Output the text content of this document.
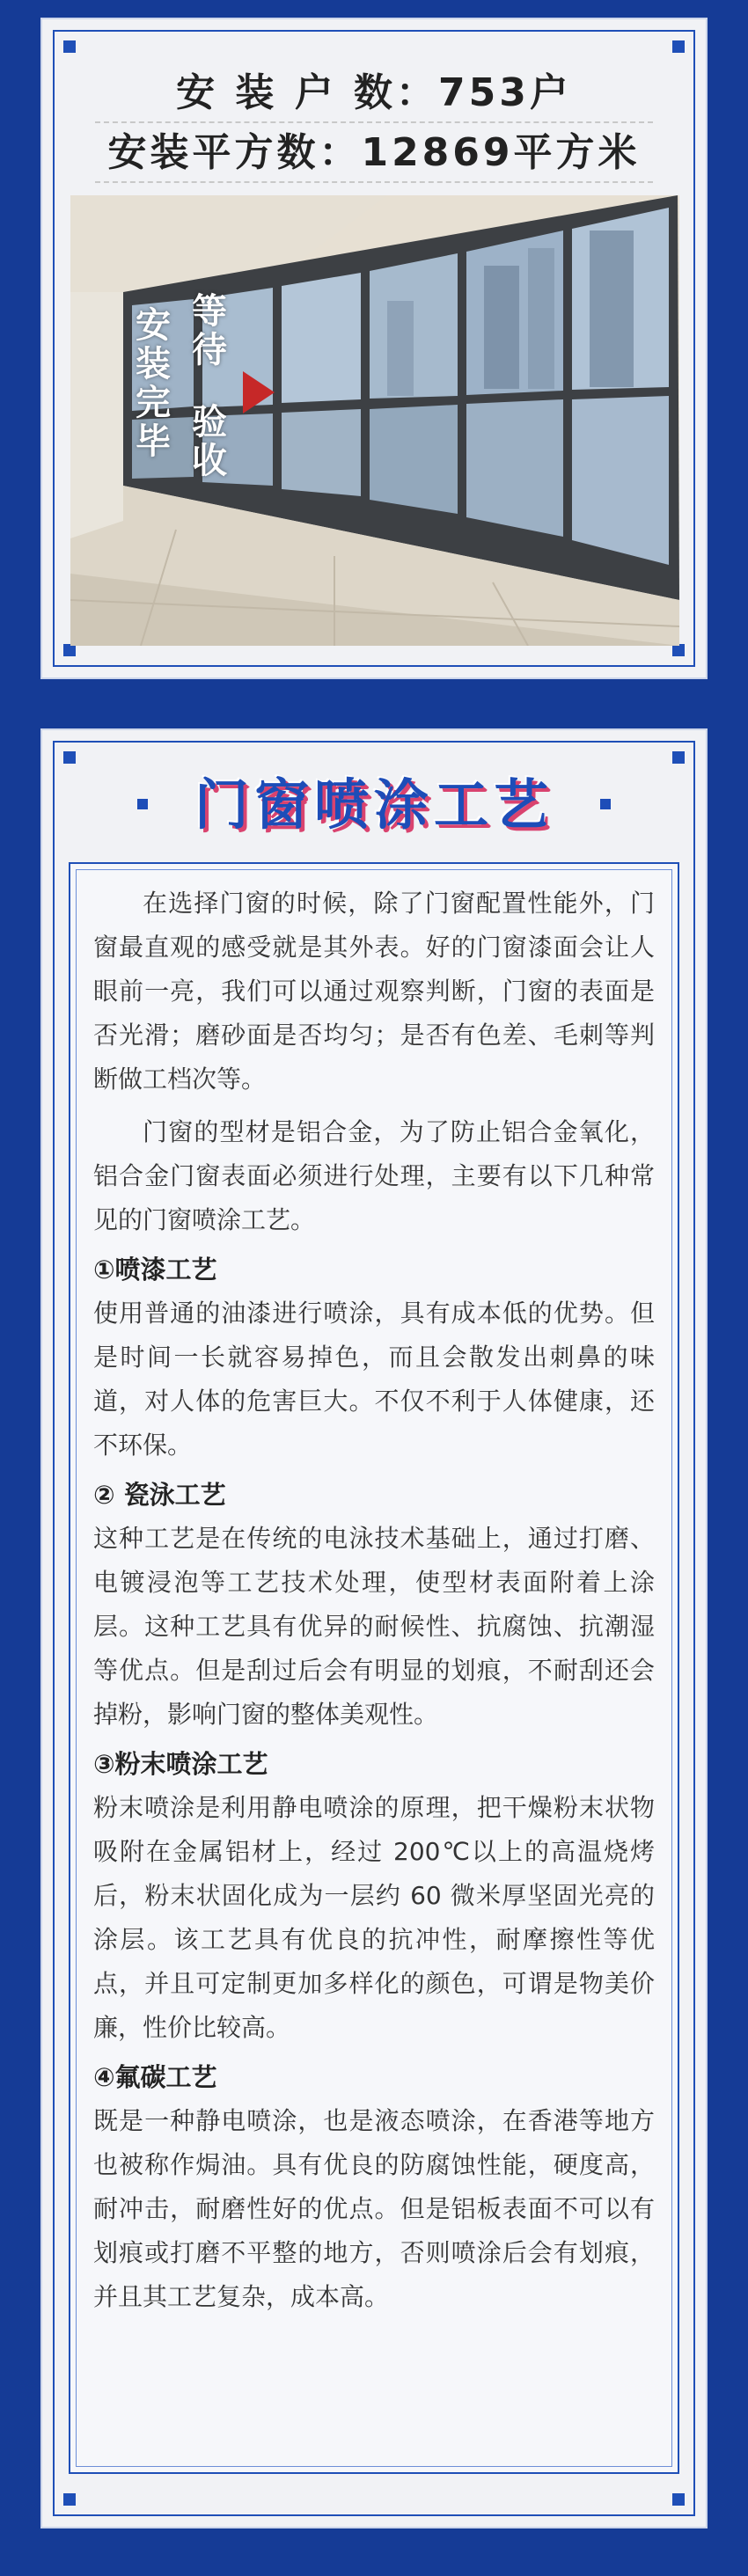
安 装 户 数：753户
安装平方数：12869平方米
安
装
完
毕
等
待
验
收
门窗喷涂工艺

在选择门窗的时候，除了门窗配置性能外，门窗最直观的感受就是其外表。好的门窗漆面会让人眼前一亮，我们可以通过观察判断，门窗的表面是否光滑；磨砂面是否均匀；是否有色差、毛刺等判断做工档次等。

门窗的型材是铝合金，为了防止铝合金氧化，铝合金门窗表面必须进行处理，主要有以下几种常见的门窗喷涂工艺。

①喷漆工艺

使用普通的油漆进行喷涂，具有成本低的优势。但是时间一长就容易掉色，而且会散发出刺鼻的味道，对人体的危害巨大。不仅不利于人体健康，还不环保。

② 瓷泳工艺

这种工艺是在传统的电泳技术基础上，通过打磨、电镀浸泡等工艺技术处理，使型材表面附着上涂层。这种工艺具有优异的耐候性、抗腐蚀、抗潮湿等优点。但是刮过后会有明显的划痕，不耐刮还会掉粉，影响门窗的整体美观性。

③粉末喷涂工艺

粉末喷涂是利用静电喷涂的原理，把干燥粉末状物吸附在金属铝材上，经过 200℃以上的高温烧烤后，粉末状固化成为一层约 60 微米厚坚固光亮的涂层。该工艺具有优良的抗冲性，耐摩擦性等优点，并且可定制更加多样化的颜色，可谓是物美价廉，性价比较高。

④氟碳工艺

既是一种静电喷涂，也是液态喷涂，在香港等地方也被称作焗油。具有优良的防腐蚀性能，硬度高，耐冲击，耐磨性好的优点。但是铝板表面不可以有划痕或打磨不平整的地方，否则喷涂后会有划痕，并且其工艺复杂，成本高。
